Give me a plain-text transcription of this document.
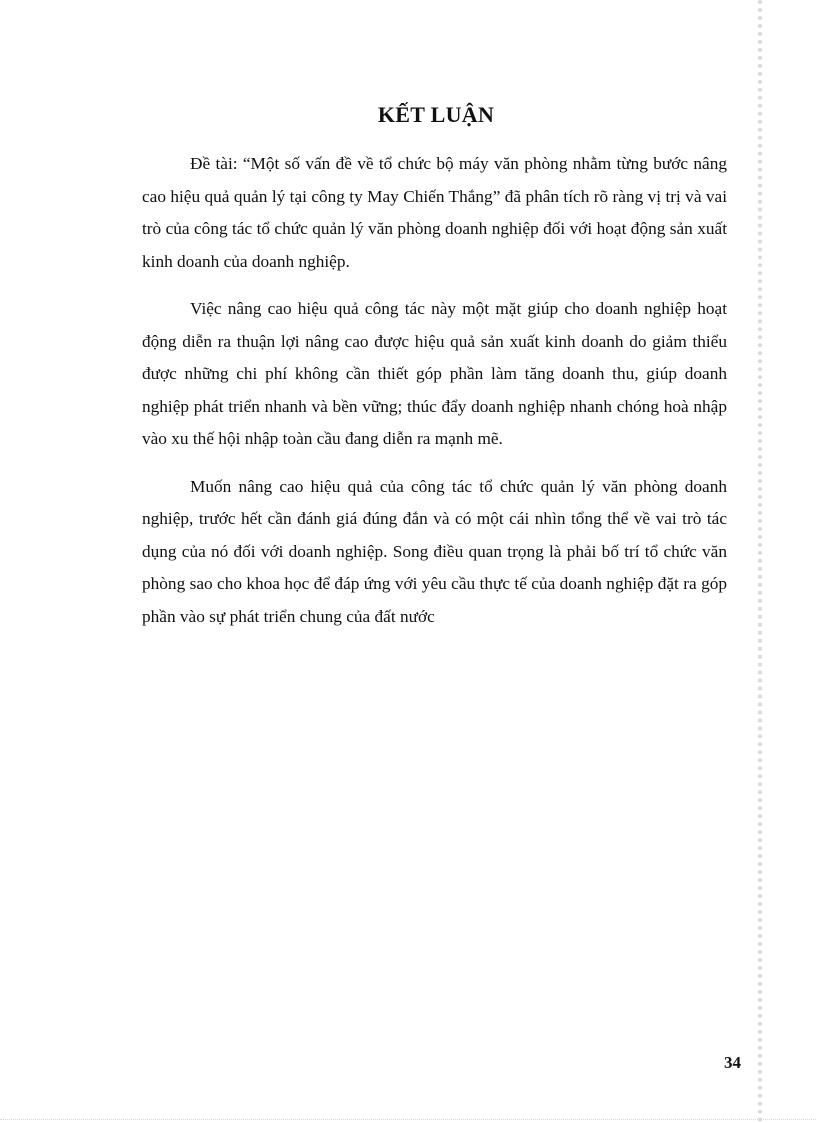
KẾT LUẬN

Đề tài: “Một số vấn đề về tổ chức bộ máy văn phòng nhằm từng bước nâng cao hiệu quả quản lý tại công ty May Chiến Thắng” đã phân tích rõ ràng vị trị và vai trò của công tác tổ chức quản lý văn phòng doanh nghiệp đối với hoạt động sản xuất kinh doanh của doanh nghiệp.

Việc nâng cao hiệu quả công tác này một mặt giúp cho doanh nghiệp hoạt động diễn ra thuận lợi nâng cao được hiệu quả sản xuất kinh doanh do giảm thiểu được những chi phí không cần thiết góp phần làm tăng doanh thu, giúp doanh nghiệp phát triển nhanh và bền vững; thúc đẩy doanh nghiệp nhanh chóng hoà nhập vào xu thế hội nhập toàn cầu đang diễn ra mạnh mẽ.

Muốn nâng cao hiệu quả của công tác tổ chức quản lý văn phòng doanh nghiệp, trước hết cần đánh giá đúng đắn và có một cái nhìn tổng thể về vai trò tác dụng của nó đối với doanh nghiệp. Song điều quan trọng là phải bố trí tổ chức văn phòng sao cho khoa học để đáp ứng với yêu cầu thực tế của doanh nghiệp đặt ra góp phần vào sự phát triển chung của đất nước

34
